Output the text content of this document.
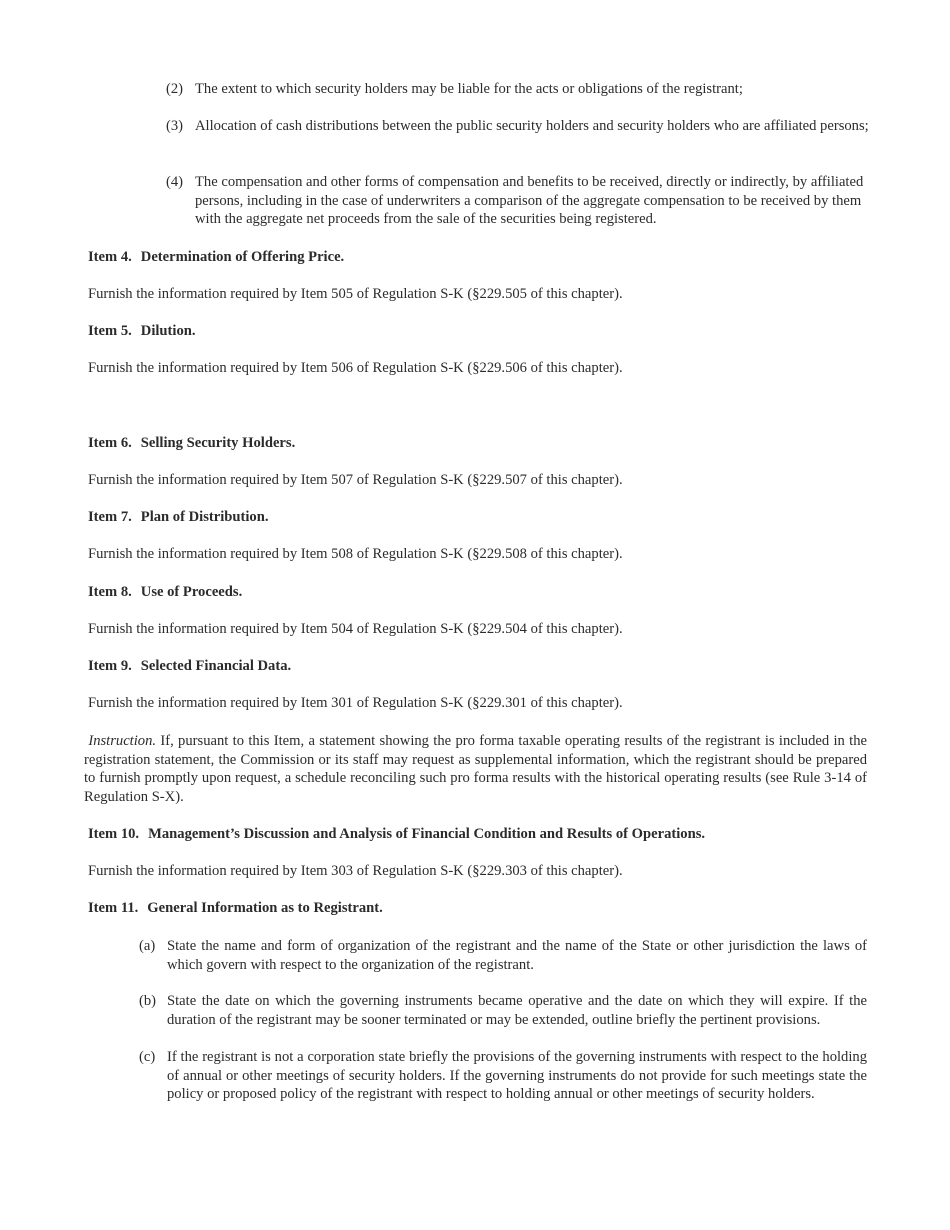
(2) The extent to which security holders may be liable for the acts or obligations of the registrant;
(3) Allocation of cash distributions between the public security holders and security holders who are affiliated persons;
(4) The compensation and other forms of compensation and benefits to be received, directly or indirectly, by affiliated persons, including in the case of underwriters a comparison of the aggregate compensation to be received by them with the aggregate net proceeds from the sale of the securities being registered.
Item 4. Determination of Offering Price.
Furnish the information required by Item 505 of Regulation S-K (§229.505 of this chapter).
Item 5. Dilution.
Furnish the information required by Item 506 of Regulation S-K (§229.506 of this chapter).
Item 6. Selling Security Holders.
Furnish the information required by Item 507 of Regulation S-K (§229.507 of this chapter).
Item 7. Plan of Distribution.
Furnish the information required by Item 508 of Regulation S-K (§229.508 of this chapter).
Item 8. Use of Proceeds.
Furnish the information required by Item 504 of Regulation S-K (§229.504 of this chapter).
Item 9. Selected Financial Data.
Furnish the information required by Item 301 of Regulation S-K (§229.301 of this chapter).
Instruction. If, pursuant to this Item, a statement showing the pro forma taxable operating results of the registrant is included in the registration statement, the Commission or its staff may request as supplemental information, which the registrant should be prepared to furnish promptly upon request, a schedule reconciling such pro forma results with the historical operating results (see Rule 3-14 of Regulation S-X).
Item 10. Management’s Discussion and Analysis of Financial Condition and Results of Operations.
Furnish the information required by Item 303 of Regulation S-K (§229.303 of this chapter).
Item 11. General Information as to Registrant.
(a) State the name and form of organization of the registrant and the name of the State or other jurisdiction the laws of which govern with respect to the organization of the registrant.
(b) State the date on which the governing instruments became operative and the date on which they will expire. If the duration of the registrant may be sooner terminated or may be extended, outline briefly the pertinent provisions.
(c) If the registrant is not a corporation state briefly the provisions of the governing instruments with respect to the holding of annual or other meetings of security holders. If the governing instruments do not provide for such meetings state the policy or proposed policy of the registrant with respect to holding annual or other meetings of security holders.
